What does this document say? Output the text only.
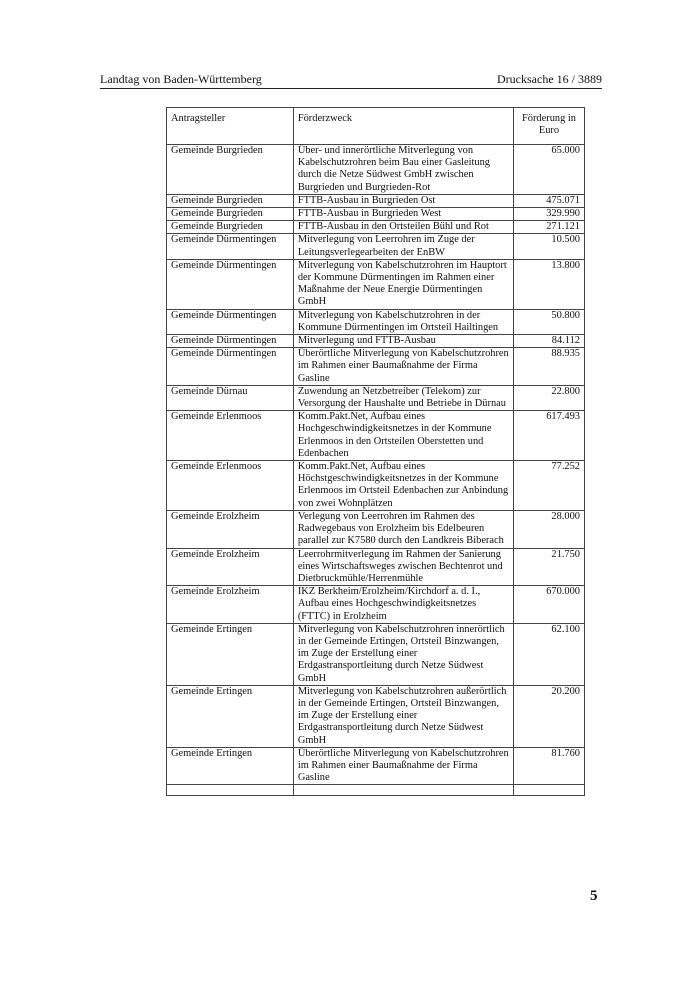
Landtag von Baden-Württemberg	Drucksache 16 / 3889
Antragsteller	Förderzweck	Förderung in Euro
Gemeinde Burgrieden	Über- und innerörtliche Mitverlegung von Kabelschutzrohren beim Bau einer Gasleitung durch die Netze Südwest GmbH zwischen Burgrieden und Burgrieden-Rot	65.000
Gemeinde Burgrieden	FTTB-Ausbau in Burgrieden Ost	475.071
Gemeinde Burgrieden	FTTB-Ausbau in Burgrieden West	329.990
Gemeinde Burgrieden	FTTB-Ausbau in den Ortsteilen Bühl und Rot	271.121
Gemeinde Dürmentingen	Mitverlegung von Leerrohren im Zuge der Leitungsverlegearbeiten der EnBW	10.500
Gemeinde Dürmentingen	Mitverlegung von Kabelschutzrohren im Hauptort der Kommune Dürmentingen im Rahmen einer Maßnahme der Neue Energie Dürmentingen GmbH	13.800
Gemeinde Dürmentingen	Mitverlegung von Kabelschutzrohren in der Kommune Dürmentingen im Ortsteil Hailtingen	50.800
Gemeinde Dürmentingen	Mitverlegung und FTTB-Ausbau	84.112
Gemeinde Dürmentingen	Überörtliche Mitverlegung von Kabelschutzrohren im Rahmen einer Baumaßnahme der Firma Gasline	88.935
Gemeinde Dürnau	Zuwendung an Netzbetreiber (Telekom) zur Versorgung der Haushalte und Betriebe in Dürnau	22.800
Gemeinde Erlenmoos	Komm.Pakt.Net, Aufbau eines Hochgeschwindigkeitsnetzes in der Kommune Erlenmoos in den Ortsteilen Oberstetten und Edenbachen	617.493
Gemeinde Erlenmoos	Komm.Pakt.Net, Aufbau eines Höchstgeschwindigkeitsnetzes in der Kommune Erlenmoos im Ortsteil Edenbachen zur Anbindung von zwei Wohnplätzen	77.252
Gemeinde Erolzheim	Verlegung von Leerrohren im Rahmen des Radwegebaus von Erolzheim bis Edelbeuren parallel zur K7580 durch den Landkreis Biberach	28.000
Gemeinde Erolzheim	Leerrohrmitverlegung im Rahmen der Sanierung eines Wirtschaftsweges zwischen Bechtenrot und Dietbruckmühle/Herrenmühle	21.750
Gemeinde Erolzheim	IKZ Berkheim/Erolzheim/Kirchdorf a. d. I., Aufbau eines Hochgeschwindigkeitsnetzes (FTTC) in Erolzheim	670.000
Gemeinde Ertingen	Mitverlegung von Kabelschutzrohren innerörtlich in der Gemeinde Ertingen, Ortsteil Binzwangen, im Zuge der Erstellung einer Erdgastransportleitung durch Netze Südwest GmbH	62.100
Gemeinde Ertingen	Mitverlegung von Kabelschutzrohren außerörtlich in der Gemeinde Ertingen, Ortsteil Binzwangen, im Zuge der Erstellung einer Erdgastransportleitung durch Netze Südwest GmbH	20.200
Gemeinde Ertingen	Überörtliche Mitverlegung von Kabelschutzrohren im Rahmen einer Baumaßnahme der Firma Gasline	81.760

5
